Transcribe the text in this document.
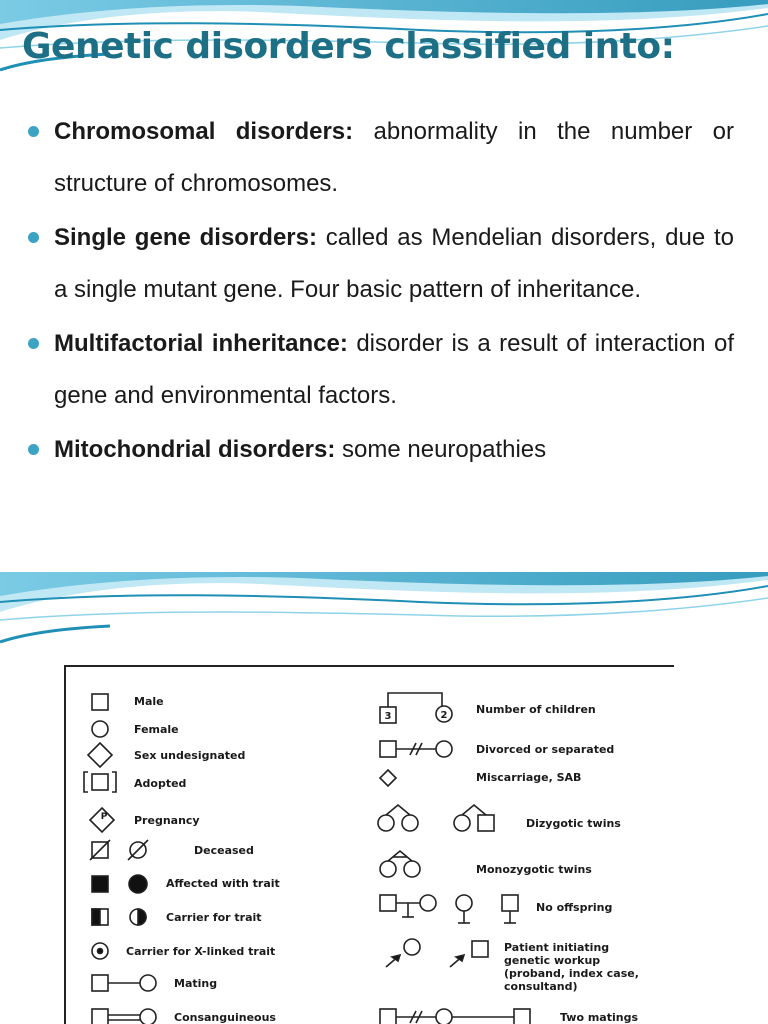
Genetic disorders classified into:
Chromosomal disorders: abnormality in the number or structure of chromosomes.
Single gene disorders: called as Mendelian disorders, due to a single mutant gene. Four basic pattern of inheritance.
Multifactorial inheritance: disorder is a result of interaction of gene and environmental factors.
Mitochondrial disorders: some neuropathies
P
3	2
Male
Female
Sex undesignated
Adopted
Pregnancy
Deceased
Affected with trait
Carrier for trait
Carrier for X-linked trait
Mating
Consanguineous
Number of children
Divorced or separated
Miscarriage, SAB
Dizygotic twins
Monozygotic twins
No offspring
Patient initiating
genetic workup
(proband, index case,
consultand)
Two matings
